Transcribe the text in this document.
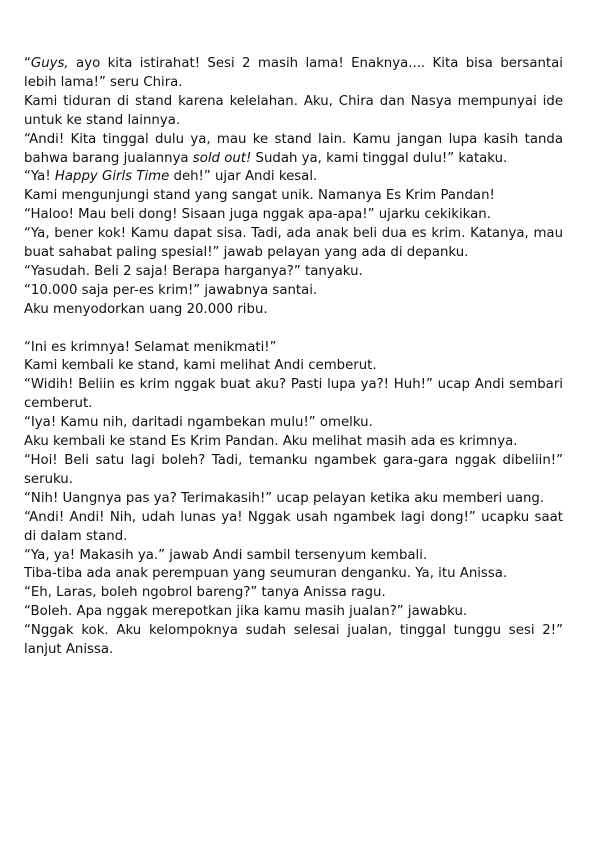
“Guys, ayo kita istirahat! Sesi 2 masih lama! Enaknya.... Kita bisa bersantai lebih lama!” seru Chira.

Kami tiduran di stand karena kelelahan. Aku, Chira dan Nasya mempunyai ide untuk ke stand lainnya.

“Andi! Kita tinggal dulu ya, mau ke stand lain. Kamu jangan lupa kasih tanda bahwa barang jualannya sold out! Sudah ya, kami tinggal dulu!” kataku.

“Ya! Happy Girls Time deh!” ujar Andi kesal.

Kami mengunjungi stand yang sangat unik. Namanya Es Krim Pandan!

“Haloo! Mau beli dong! Sisaan juga nggak apa-apa!” ujarku cekikikan.

“Ya, bener kok! Kamu dapat sisa. Tadi, ada anak beli dua es krim. Katanya, mau buat sahabat paling spesial!” jawab pelayan yang ada di depanku.

“Yasudah. Beli 2 saja! Berapa harganya?” tanyaku.

“10.000 saja per-es krim!” jawabnya santai.

Aku menyodorkan uang 20.000 ribu.

“Ini es krimnya! Selamat menikmati!”

Kami kembali ke stand, kami melihat Andi cemberut.

“Widih! Beliin es krim nggak buat aku? Pasti lupa ya?! Huh!” ucap Andi sembari cemberut.

“Iya! Kamu nih, daritadi ngambekan mulu!” omelku.

Aku kembali ke stand Es Krim Pandan. Aku melihat masih ada es krimnya.

“Hoi! Beli satu lagi boleh? Tadi, temanku ngambek gara-gara nggak dibeliin!” seruku.

“Nih! Uangnya pas ya? Terimakasih!” ucap pelayan ketika aku memberi uang.

“Andi! Andi! Nih, udah lunas ya! Nggak usah ngambek lagi dong!” ucapku saat di dalam stand.

“Ya, ya! Makasih ya.” jawab Andi sambil tersenyum kembali.

Tiba-tiba ada anak perempuan yang seumuran denganku. Ya, itu Anissa.

“Eh, Laras, boleh ngobrol bareng?” tanya Anissa ragu.

“Boleh. Apa nggak merepotkan jika kamu masih jualan?” jawabku.

“Nggak kok. Aku kelompoknya sudah selesai jualan, tinggal tunggu sesi 2!” lanjut Anissa.
